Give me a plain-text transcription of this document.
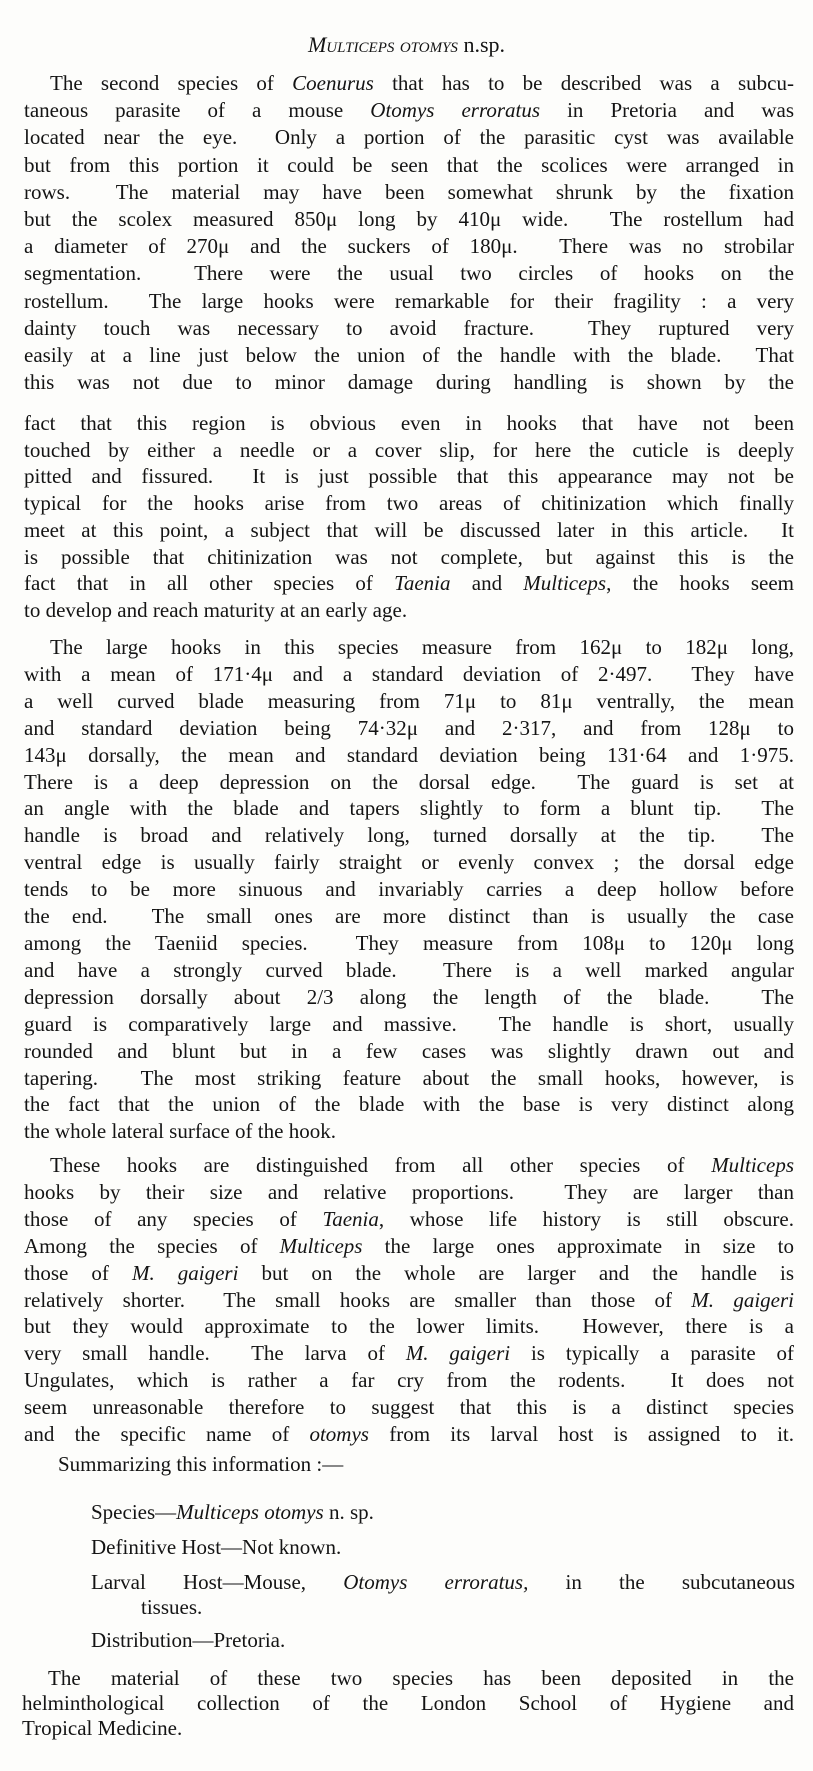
Multiceps otomys n.sp.
The second species of Coenurus that has to be described was a subcu-
taneous parasite of a mouse Otomys erroratus in Pretoria and was
located near the eye.  Only a portion of the parasitic cyst was available
but from this portion it could be seen that the scolices were arranged in
rows.  The material may have been somewhat shrunk by the fixation
but the scolex measured 850μ long by 410μ wide.  The rostellum had
a diameter of 270μ and the suckers of 180μ.  There was no strobilar
segmentation.  There were the usual two circles of hooks on the
rostellum.  The large hooks were remarkable for their fragility : a very
dainty touch was necessary to avoid fracture.  They ruptured very
easily at a line just below the union of the handle with the blade.  That
this was not due to minor damage during handling is shown by the
fact that this region is obvious even in hooks that have not been
touched by either a needle or a cover slip, for here the cuticle is deeply
pitted and fissured.  It is just possible that this appearance may not be
typical for the hooks arise from two areas of chitinization which finally
meet at this point, a subject that will be discussed later in this article.  It
is possible that chitinization was not complete, but against this is the
fact that in all other species of Taenia and Multiceps, the hooks seem
to develop and reach maturity at an early age.
The large hooks in this species measure from 162μ to 182μ long,
with a mean of 171·4μ and a standard deviation of 2·497.  They have
a well curved blade measuring from 71μ to 81μ ventrally, the mean
and standard deviation being 74·32μ and 2·317, and from 128μ to
143μ dorsally, the mean and standard deviation being 131·64 and 1·975.
There is a deep depression on the dorsal edge.  The guard is set at
an angle with the blade and tapers slightly to form a blunt tip.  The
handle is broad and relatively long, turned dorsally at the tip.  The
ventral edge is usually fairly straight or evenly convex ; the dorsal edge
tends to be more sinuous and invariably carries a deep hollow before
the end.  The small ones are more distinct than is usually the case
among the Taeniid species.  They measure from 108μ to 120μ long
and have a strongly curved blade.  There is a well marked angular
depression dorsally about 2/3 along the length of the blade.  The
guard is comparatively large and massive.  The handle is short, usually
rounded and blunt but in a few cases was slightly drawn out and
tapering.  The most striking feature about the small hooks, however, is
the fact that the union of the blade with the base is very distinct along
the whole lateral surface of the hook.
These hooks are distinguished from all other species of Multiceps
hooks by their size and relative proportions.  They are larger than
those of any species of Taenia, whose life history is still obscure.
Among the species of Multiceps the large ones approximate in size to
those of M. gaigeri but on the whole are larger and the handle is
relatively shorter.  The small hooks are smaller than those of M. gaigeri
but they would approximate to the lower limits.  However, there is a
very small handle.  The larva of M. gaigeri is typically a parasite of
Ungulates, which is rather a far cry from the rodents.  It does not
seem unreasonable therefore to suggest that this is a distinct species
and the specific name of otomys from its larval host is assigned to it.
The material of these two species has been deposited in the
helminthological collection of the London School of Hygiene and
Tropical Medicine.
Summarizing this information :—
Species—Multiceps otomys n. sp.
Definitive Host—Not known.
Larval Host—Mouse, Otomys erroratus, in the subcutaneous
tissues.
Distribution—Pretoria.
